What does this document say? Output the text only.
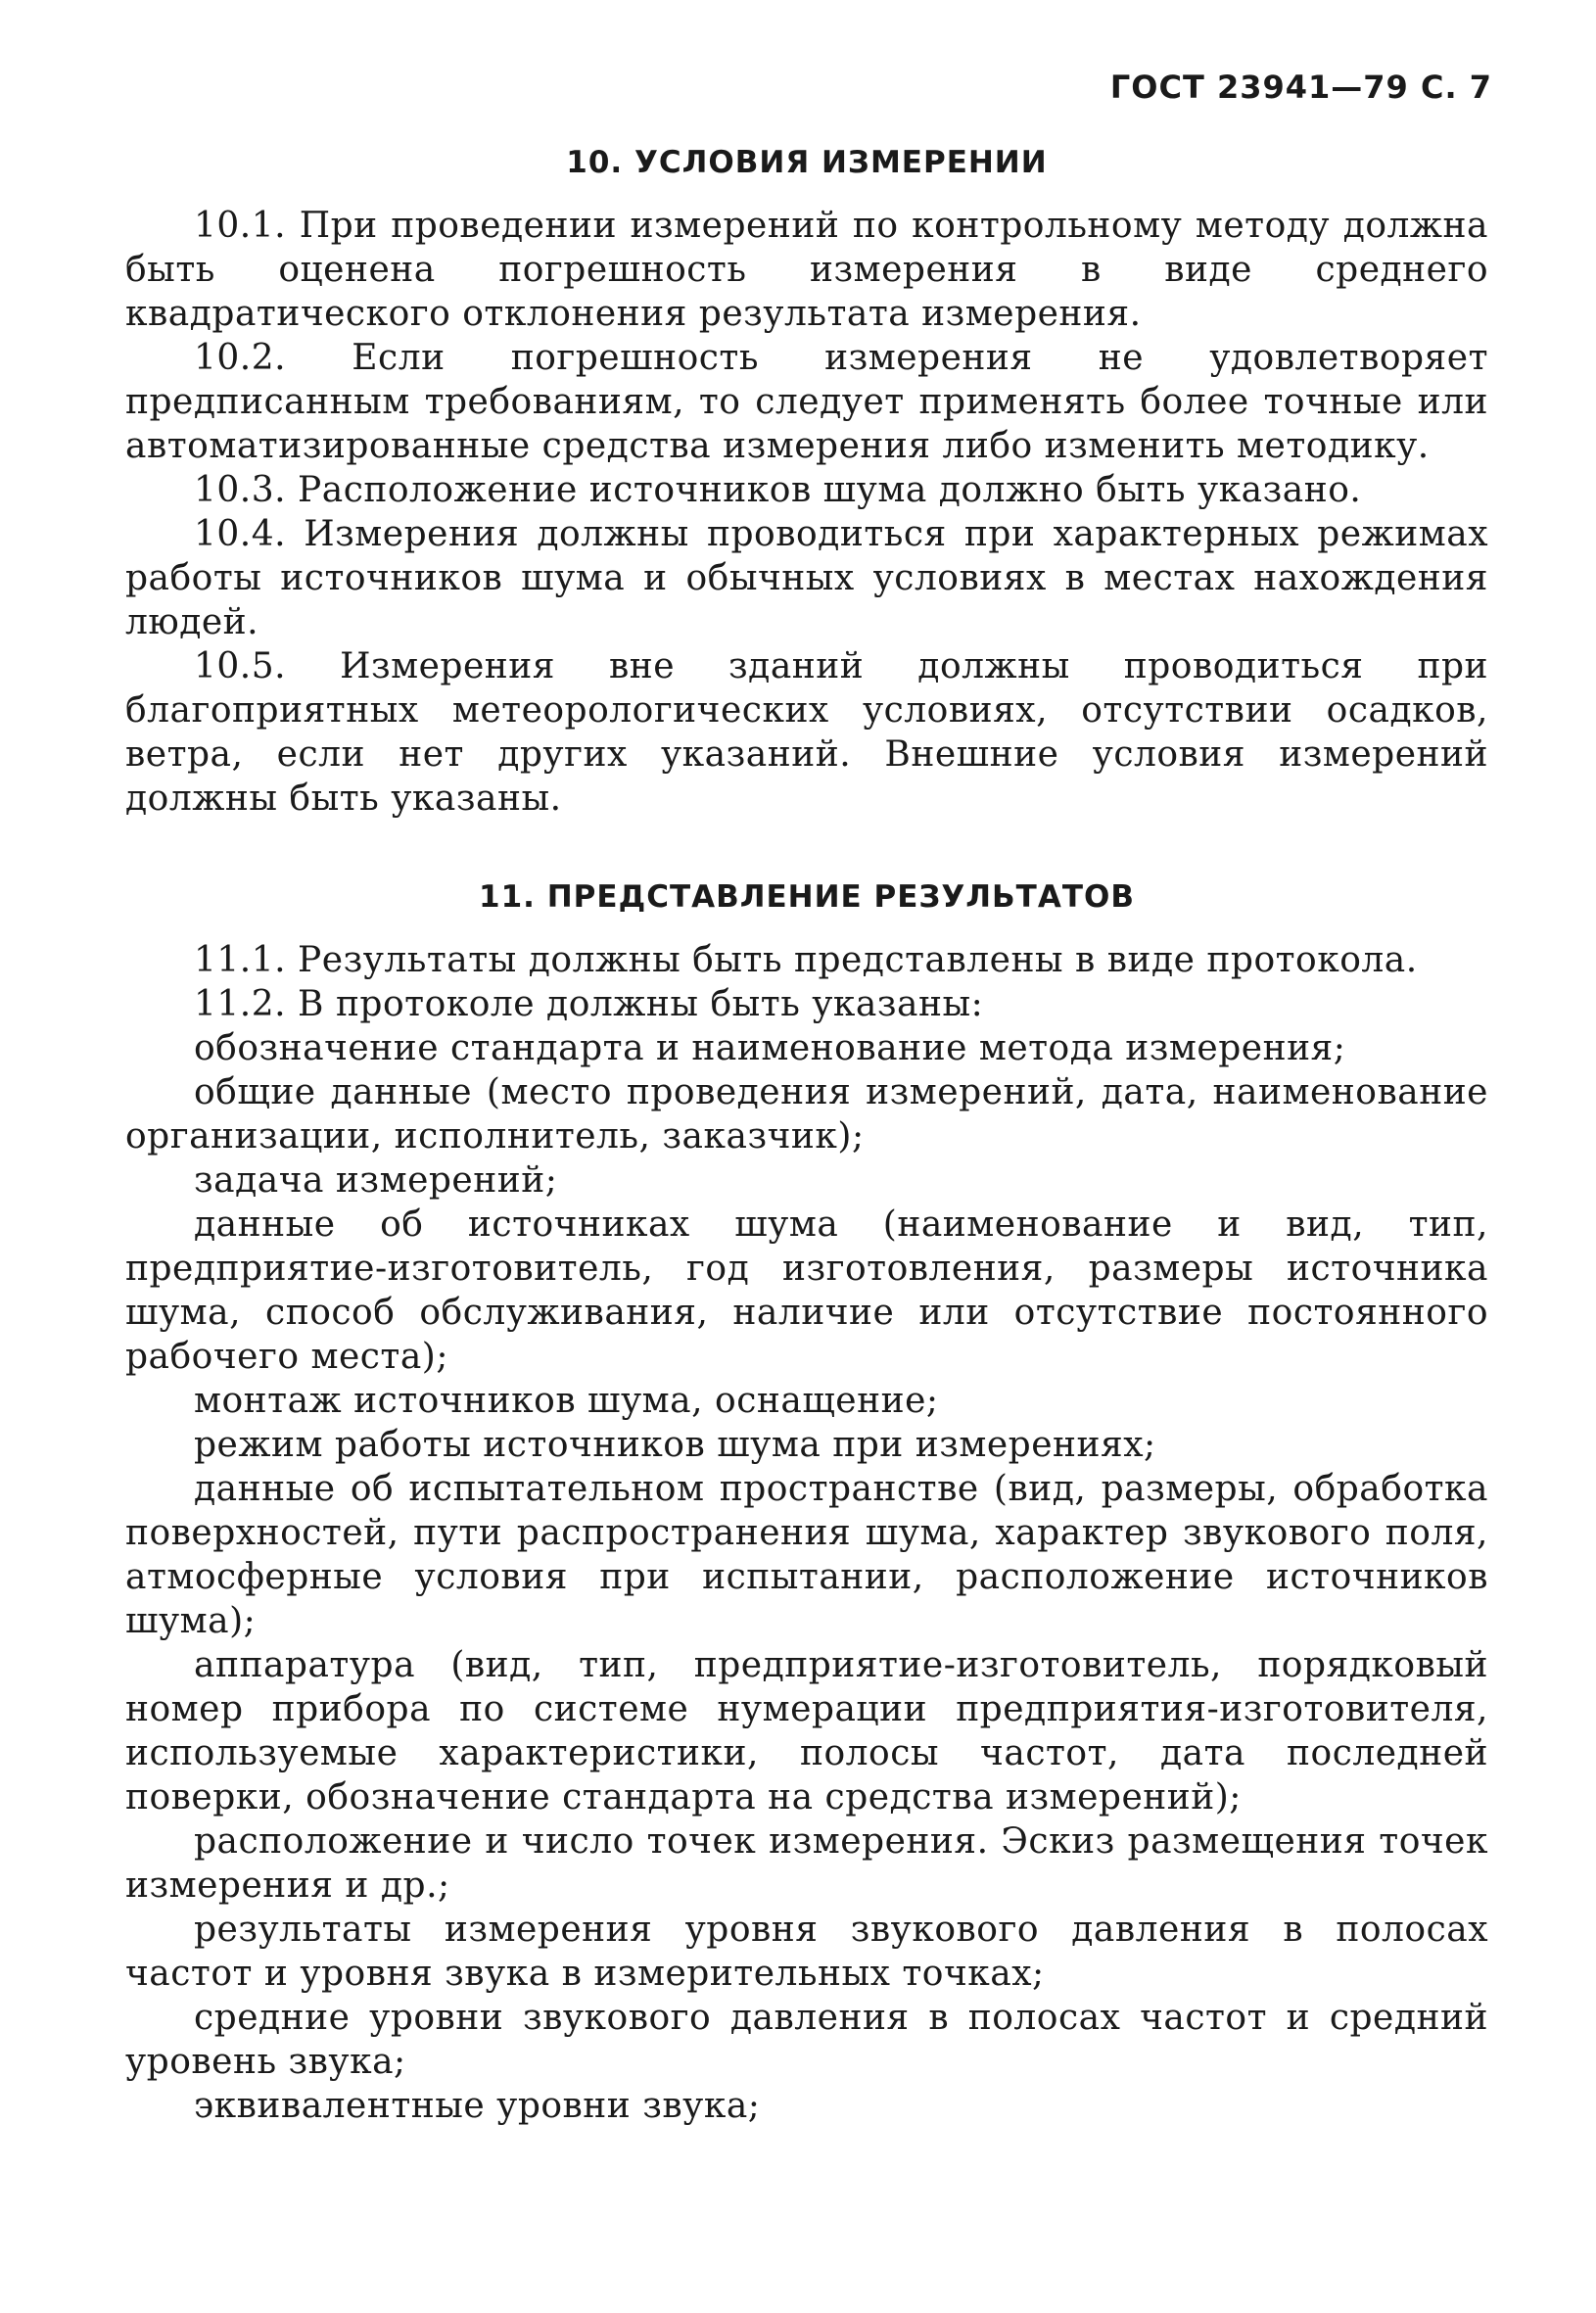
ГОСТ 23941—79 С. 7
10. УСЛОВИЯ ИЗМЕРЕНИИ

10.1. При проведении измерений по контрольному методу должна быть оценена погрешность измерения в виде среднего квадратического отклонения результата измерения.

10.2. Если погрешность измерения не удовлетворяет предписанным требованиям, то следует применять более точные или автоматизированные средства измерения либо изменить методику.

10.3. Расположение источников шума должно быть указано.

10.4. Измерения должны проводиться при характерных режимах работы источников шума и обычных условиях в местах нахождения людей.

10.5. Измерения вне зданий должны проводиться при благоприятных метеорологических условиях, отсутствии осадков, ветра, если нет других указаний. Внешние условия измерений должны быть указаны.

11. ПРЕДСТАВЛЕНИЕ РЕЗУЛЬТАТОВ

11.1. Результаты должны быть представлены в виде протокола.

11.2. В протоколе должны быть указаны:

обозначение стандарта и наименование метода измерения;

общие данные (место проведения измерений, дата, наименование организации, исполнитель, заказчик);

задача измерений;

данные об источниках шума (наименование и вид, тип, предприятие-изготовитель, год изготовления, размеры источника шума, способ обслуживания, наличие или отсутствие постоянного рабочего места);

монтаж источников шума, оснащение;

режим работы источников шума при измерениях;

данные об испытательном пространстве (вид, размеры, обработка поверхностей, пути распространения шума, характер звукового поля, атмосферные условия при испытании, расположение источников шума);

аппаратура (вид, тип, предприятие-изготовитель, порядковый номер прибора по системе нумерации предприятия-изготовителя, используемые характеристики, полосы частот, дата последней поверки, обозначение стандарта на средства измерений);

расположение и число точек измерения. Эскиз размещения точек измерения и др.;

результаты измерения уровня звукового давления в полосах частот и уровня звука в измерительных точках;

средние уровни звукового давления в полосах частот и средний уровень звука;

эквивалентные уровни звука;
